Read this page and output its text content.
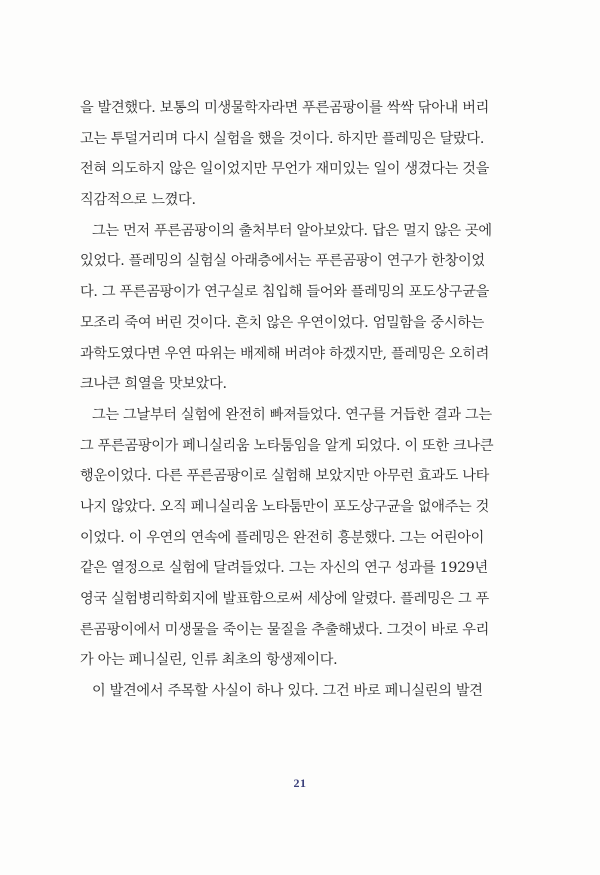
을 발견했다. 보통의 미생물학자라면 푸른곰팡이를 싹싹 닦아내 버리
고는 투덜거리며 다시 실험을 했을 것이다. 하지만 플레밍은 달랐다.
전혀 의도하지 않은 일이었지만 무언가 재미있는 일이 생겼다는 것을
직감적으로 느꼈다.
그는 먼저 푸른곰팡이의 출처부터 알아보았다. 답은 멀지 않은 곳에
있었다. 플레밍의 실험실 아래층에서는 푸른곰팡이 연구가 한창이었
다. 그 푸른곰팡이가 연구실로 침입해 들어와 플레밍의 포도상구균을
모조리 죽여 버린 것이다. 흔치 않은 우연이었다. 엄밀함을 중시하는
과학도였다면 우연 따위는 배제해 버려야 하겠지만, 플레밍은 오히려
크나큰 희열을 맛보았다.
그는 그날부터 실험에 완전히 빠져들었다. 연구를 거듭한 결과 그는
그 푸른곰팡이가 페니실리움 노타툼임을 알게 되었다. 이 또한 크나큰
행운이었다. 다른 푸른곰팡이로 실험해 보았지만 아무런 효과도 나타
나지 않았다. 오직 페니실리움 노타툼만이 포도상구균을 없애주는 것
이었다. 이 우연의 연속에 플레밍은 완전히 흥분했다. 그는 어린아이
같은 열정으로 실험에 달려들었다. 그는 자신의 연구 성과를 1929년
영국 실험병리학회지에 발표함으로써 세상에 알렸다. 플레밍은 그 푸
른곰팡이에서 미생물을 죽이는 물질을 추출해냈다. 그것이 바로 우리
가 아는 페니실린, 인류 최초의 항생제이다.
이 발견에서 주목할 사실이 하나 있다. 그건 바로 페니실린의 발견
21
